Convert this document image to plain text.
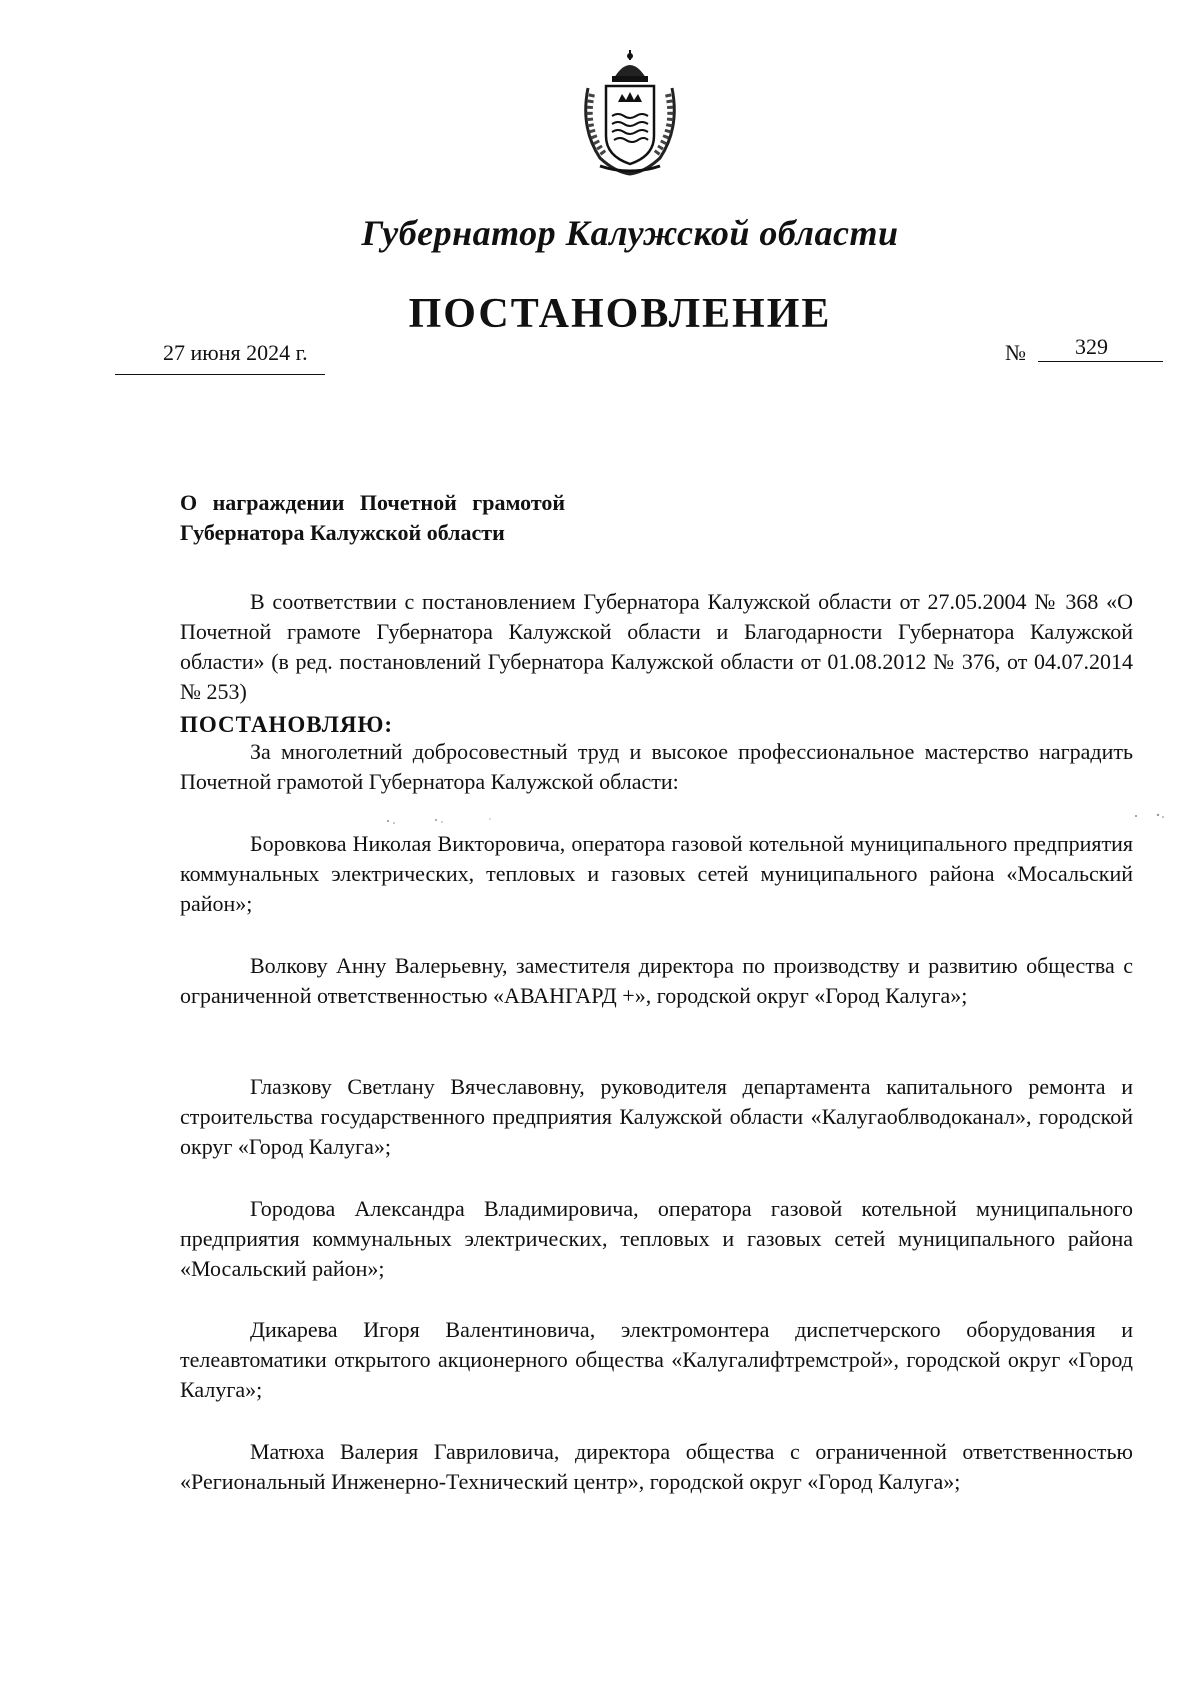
Губернатор Калужской области
ПОСТАНОВЛЕНИЕ
27 июня 2024 г.	№ 329
О награждении Почетной грамотой
Губернатора Калужской области
В соответствии с постановлением Губернатора Калужской области от 27.05.2004 № 368 «О Почетной грамоте Губернатора Калужской области и Благодарности Губернатора Калужской области» (в ред. постановлений Губернатора Калужской области от 01.08.2012 № 376, от 04.07.2014 № 253)
ПОСТАНОВЛЯЮ:
За многолетний добросовестный труд и высокое профессиональное мастерство наградить Почетной грамотой Губернатора Калужской области:
Боровкова Николая Викторовича, оператора газовой котельной муниципального предприятия коммунальных электрических, тепловых и газовых сетей муниципального района «Мосальский район»;
Волкову Анну Валерьевну, заместителя директора по производству и развитию общества с ограниченной ответственностью «АВАНГАРД +», городской округ «Город Калуга»;
Глазкову Светлану Вячеславовну, руководителя департамента капитального ремонта и строительства государственного предприятия Калужской области «Калугаоблводоканал», городской округ «Город Калуга»;
Городова Александра Владимировича, оператора газовой котельной муниципального предприятия коммунальных электрических, тепловых и газовых сетей муниципального района «Мосальский район»;
Дикарева Игоря Валентиновича, электромонтера диспетчерского оборудования и телеавтоматики открытого акционерного общества «Калугалифтремстрой», городской округ «Город Калуга»;
Матюха Валерия Гавриловича, директора общества с ограниченной ответственностью «Региональный Инженерно-Технический центр», городской округ «Город Калуга»;
